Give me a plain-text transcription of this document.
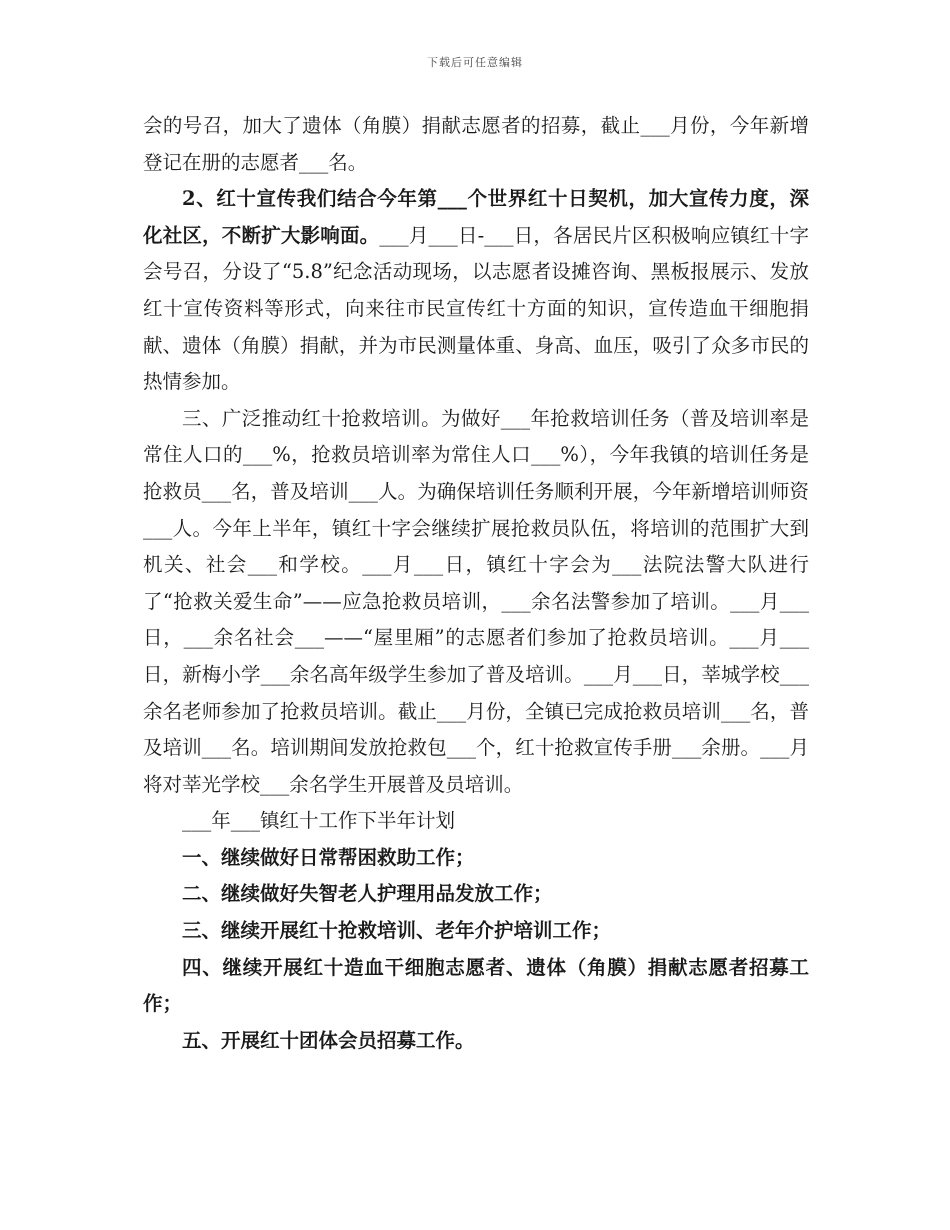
下载后可任意编辑

会的号召，加大了遗体（角膜）捐献志愿者的招募，截止___月份，今年新增登记在册的志愿者___名。

2、红十宣传我们结合今年第___个世界红十日契机，加大宣传力度，深化社区，不断扩大影响面。___月___日-___日，各居民片区积极响应镇红十字会号召，分设了“5.8”纪念活动现场，以志愿者设摊咨询、黑板报展示、发放红十宣传资料等形式，向来往市民宣传红十方面的知识，宣传造血干细胞捐献、遗体（角膜）捐献，并为市民测量体重、身高、血压，吸引了众多市民的热情参加。

三、广泛推动红十抢救培训。为做好___年抢救培训任务（普及培训率是常住人口的___%，抢救员培训率为常住人口___%），今年我镇的培训任务是抢救员___名，普及培训___人。为确保培训任务顺利开展，今年新增培训师资___人。今年上半年，镇红十字会继续扩展抢救员队伍，将培训的范围扩大到机关、社会___和学校。___月___日，镇红十字会为___法院法警大队进行了“抢救关爱生命”——应急抢救员培训，___余名法警参加了培训。___月___日，___余名社会___——“屋里厢”的志愿者们参加了抢救员培训。___月___日，新梅小学___余名高年级学生参加了普及培训。___月___日，莘城学校___余名老师参加了抢救员培训。截止___月份，全镇已完成抢救员培训___名，普及培训___名。培训期间发放抢救包___个，红十抢救宣传手册___余册。___月将对莘光学校___余名学生开展普及员培训。

___年___镇红十工作下半年计划

一、继续做好日常帮困救助工作；

二、继续做好失智老人护理用品发放工作；

三、继续开展红十抢救培训、老年介护培训工作；

四、继续开展红十造血干细胞志愿者、遗体（角膜）捐献志愿者招募工作；

五、开展红十团体会员招募工作。
